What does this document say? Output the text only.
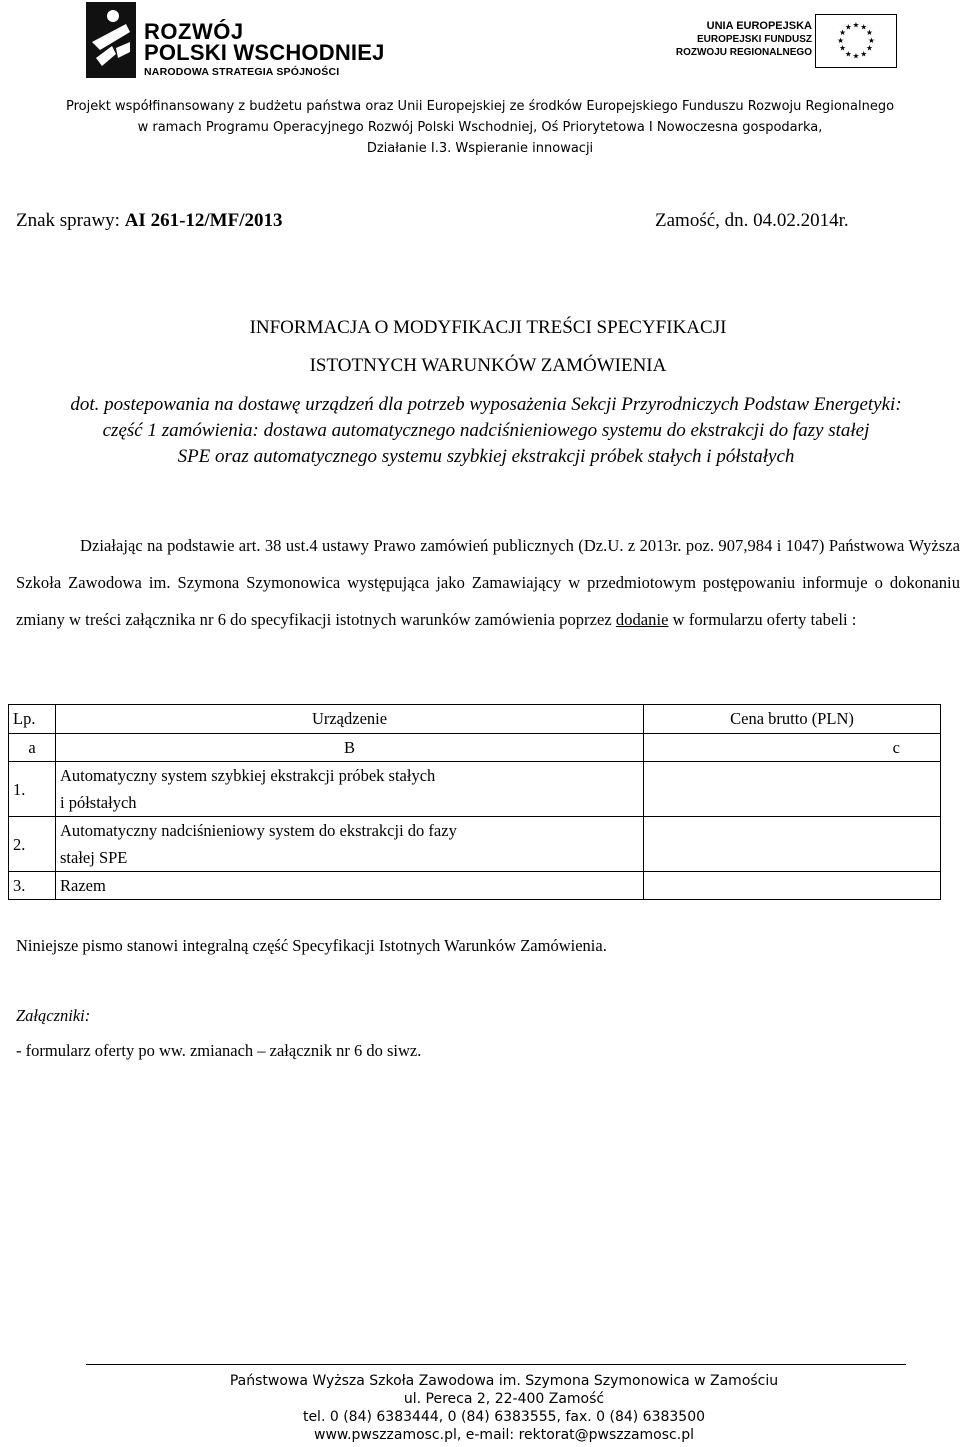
ROZWÓJ
POLSKI WSCHODNIEJ
NARODOWA STRATEGIA SPÓJNOŚCI
UNIA EUROPEJSKA
EUROPEJSKI FUNDUSZ
ROZWOJU REGIONALNEGO
★ ★
★
★
★
★
★
★
★
★
★
★
Projekt współfinansowany z budżetu państwa oraz Unii Europejskiej ze środków Europejskiego Funduszu Rozwoju Regionalnego
w ramach Programu Operacyjnego Rozwój Polski Wschodniej, Oś Priorytetowa I Nowoczesna gospodarka,
Działanie I.3. Wspieranie innowacji
Znak sprawy: AI 261-12/MF/2013	Zamość, dn. 04.02.2014r.
INFORMACJA O MODYFIKACJI TREŚCI SPECYFIKACJI
ISTOTNYCH WARUNKÓW ZAMÓWIENIA
dot. postepowania na dostawę urządzeń dla potrzeb wyposażenia Sekcji Przyrodniczych Podstaw Energetyki:
część 1 zamówienia: dostawa automatycznego nadciśnieniowego systemu do ekstrakcji do fazy stałej
SPE oraz automatycznego systemu szybkiej ekstrakcji próbek stałych i półstałych

Działając na podstawie art. 38 ust.4 ustawy Prawo zamówień publicznych (Dz.U. z 2013r. poz. 907,984 i 1047) Państwowa Wyższa Szkoła Zawodowa im. Szymona Szymonowica występująca jako Zamawiający w przedmiotowym postępowaniu informuje o dokonaniu zmiany w treści załącznika nr 6 do specyfikacji istotnych warunków zamówienia poprzez dodanie w formularzu oferty tabeli :

Lp.	Urządzenie	Cena brutto (PLN)
a	B	c
1.	Automatyczny system szybkiej ekstrakcji próbek stałych
i półstałych	

2.	Automatyczny nadciśnieniowy system do ekstrakcji do fazy
stałej SPE	

3.	Razem	
Niniejsze pismo stanowi integralną część Specyfikacji Istotnych Warunków Zamówienia.
Załączniki:
- formularz oferty po ww. zmianach – załącznik nr 6 do siwz.
Państwowa Wyższa Szkoła Zawodowa im. Szymona Szymonowica w Zamościu
ul. Pereca 2, 22-400 Zamość
tel. 0 (84) 6383444, 0 (84) 6383555, fax. 0 (84) 6383500
www.pwszzamosc.pl, e-mail: rektorat@pwszzamosc.pl
